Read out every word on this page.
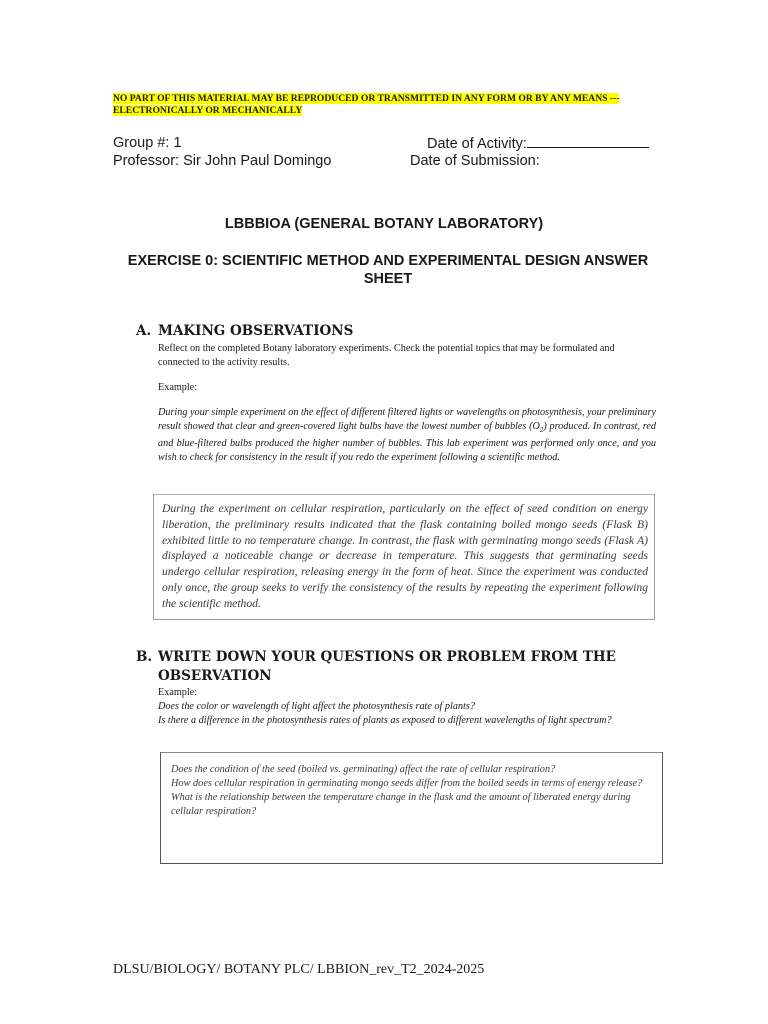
NO PART OF THIS MATERIAL MAY BE REPRODUCED OR TRANSMITTED IN ANY FORM OR BY ANY MEANS --- ELECTRONICALLY OR MECHANICALLY
Group #: 1
Professor: Sir John Paul Domingo
Date of Activity:
Date of Submission:
LBBBIOA (GENERAL BOTANY LABORATORY)
EXERCISE 0: SCIENTIFIC METHOD AND EXPERIMENTAL DESIGN ANSWER SHEET
A. MAKING OBSERVATIONS
Reflect on the completed Botany laboratory experiments. Check the potential topics that may be formulated and connected to the activity results.
Example:
During your simple experiment on the effect of different filtered lights or wavelengths on photosynthesis, your preliminary result showed that clear and green-covered light bulbs have the lowest number of bubbles $(O_2)$ produced. In contrast, red and blue-filtered bulbs produced the higher number of bubbles. This lab experiment was performed only once, and you wish to check for consistency in the result if you redo the experiment following a scientific method.
During the experiment on cellular respiration, particularly on the effect of seed condition on energy liberation, the preliminary results indicated that the flask containing boiled mongo seeds (Flask B) exhibited little to no temperature change. In contrast, the flask with germinating mongo seeds (Flask A) displayed a noticeable change or decrease in temperature. This suggests that germinating seeds undergo cellular respiration, releasing energy in the form of heat. Since the experiment was conducted only once, the group seeks to verify the consistency of the results by repeating the experiment following the scientific method.
B. WRITE DOWN YOUR QUESTIONS OR PROBLEM FROM THE
OBSERVATION
Example:
Does the color or wavelength of light affect the photosynthesis rate of plants?
Is there a difference in the photosynthesis rates of plants as exposed to different wavelengths of light spectrum?
Does the condition of the seed (boiled vs. germinating) affect the rate of cellular respiration?
How does cellular respiration in germinating mongo seeds differ from the boiled seeds in terms of energy release?
What is the relationship between the temperature change in the flask and the amount of liberated energy during cellular respiration?
DLSU/BIOLOGY/ BOTANY PLC/ LBBION_rev_T2_2024-2025
